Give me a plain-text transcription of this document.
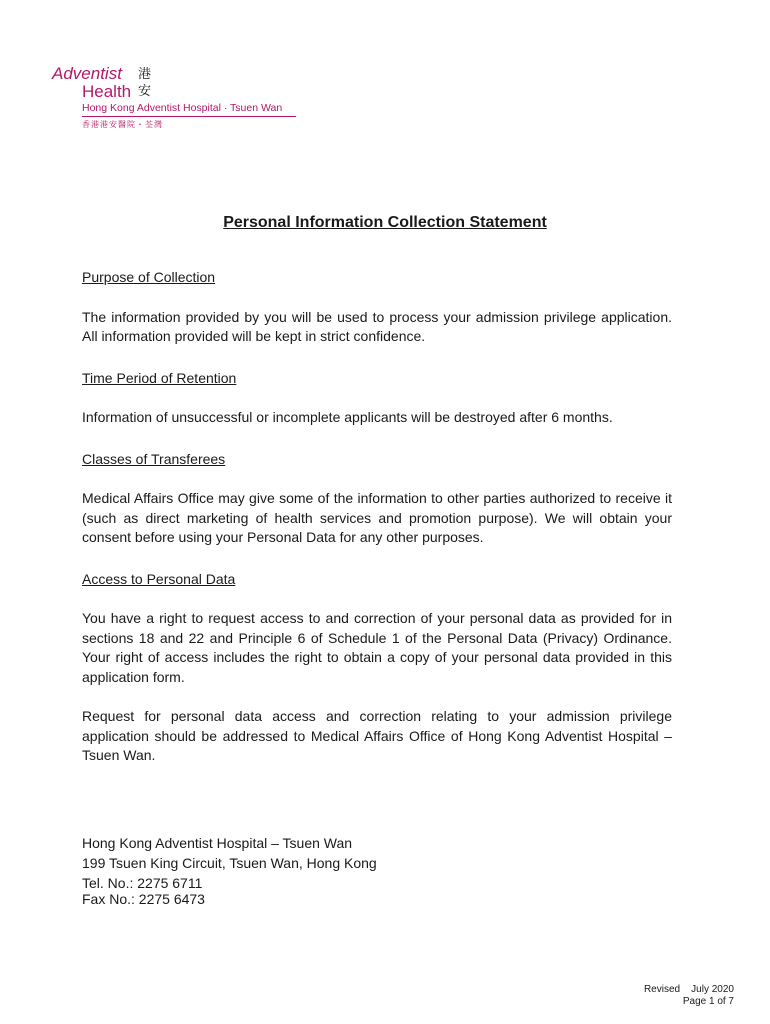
Adventist
Health
港
安
Hong Kong Adventist Hospital · Tsuen Wan
香港港安醫院・荃灣
Personal Information Collection Statement

Purpose of Collection

The information provided by you will be used to process your admission privilege application. All information provided will be kept in strict confidence.

Time Period of Retention

Information of unsuccessful or incomplete applicants will be destroyed after 6 months.

Classes of Transferees

Medical Affairs Office may give some of the information to other parties authorized to receive it (such as direct marketing of health services and promotion purpose). We will obtain your consent before using your Personal Data for any other purposes.

Access to Personal Data

You have a right to request access to and correction of your personal data as provided for in sections 18 and 22 and Principle 6 of Schedule 1 of the Personal Data (Privacy) Ordinance. Your right of access includes the right to obtain a copy of your personal data provided in this application form.

Request for personal data access and correction relating to your admission privilege application should be addressed to Medical Affairs Office of Hong Kong Adventist Hospital – Tsuen Wan.

Hong Kong Adventist Hospital – Tsuen Wan
199 Tsuen King Circuit, Tsuen Wan, Hong Kong
Tel. No.: 2275 6711
Fax No.: 2275 6473
Revised    July 2020
Page 1 of 7
